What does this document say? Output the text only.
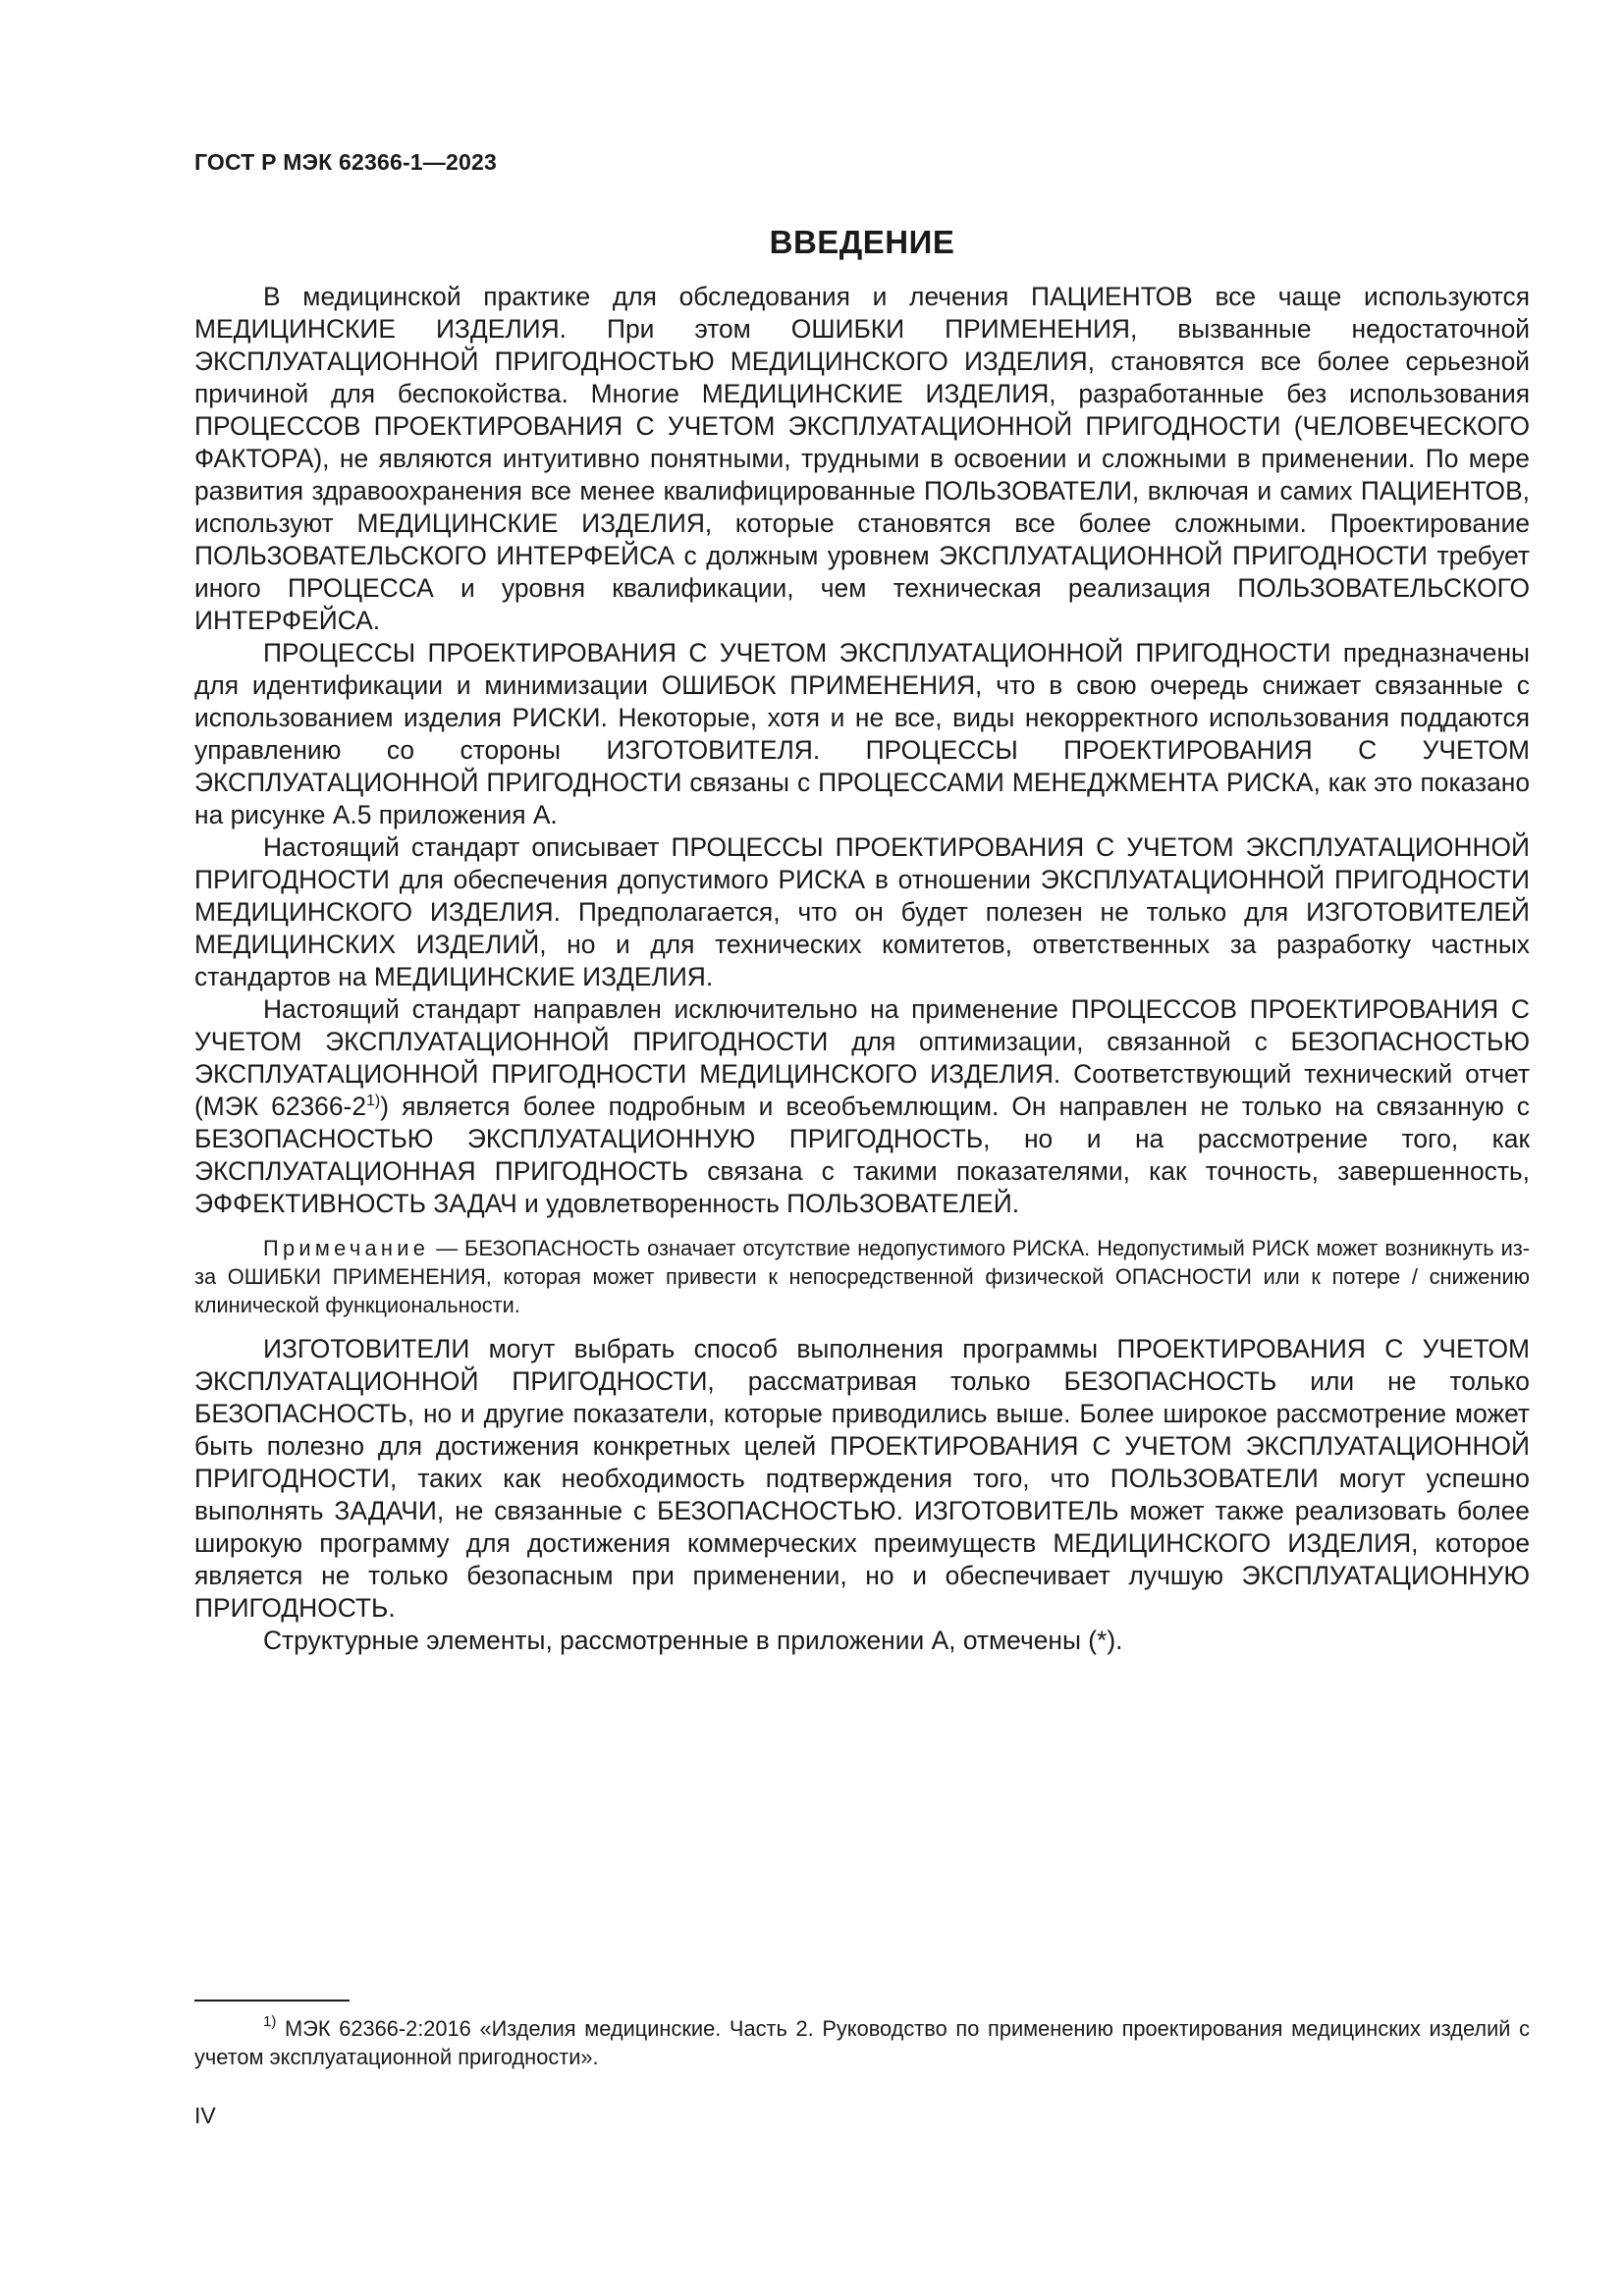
ГОСТ Р МЭК 62366-1—2023
ВВЕДЕНИЕ

В медицинской практике для обследования и лечения ПАЦИЕНТОВ все чаще используются МЕДИЦИНСКИЕ ИЗДЕЛИЯ. При этом ОШИБКИ ПРИМЕНЕНИЯ, вызванные недостаточной ЭКСПЛУАТАЦИОННОЙ ПРИГОДНОСТЬЮ МЕДИЦИНСКОГО ИЗДЕЛИЯ, становятся все более серьезной причиной для беспокойства. Многие МЕДИЦИНСКИЕ ИЗДЕЛИЯ, разработанные без использования ПРОЦЕССОВ ПРОЕКТИРОВАНИЯ С УЧЕТОМ ЭКСПЛУАТАЦИОННОЙ ПРИГОДНОСТИ (ЧЕЛОВЕЧЕСКОГО ФАКТОРА), не являются интуитивно понятными, трудными в освоении и сложными в применении. По мере развития здравоохранения все менее квалифицированные ПОЛЬЗОВАТЕЛИ, включая и самих ПАЦИЕНТОВ, используют МЕДИЦИНСКИЕ ИЗДЕЛИЯ, которые становятся все более сложными. Проектирование ПОЛЬЗОВАТЕЛЬСКОГО ИНТЕРФЕЙСА с должным уровнем ЭКСПЛУАТАЦИОННОЙ ПРИГОДНОСТИ требует иного ПРОЦЕССА и уровня квалификации, чем техническая реализация ПОЛЬЗОВАТЕЛЬСКОГО ИНТЕРФЕЙСА.

ПРОЦЕССЫ ПРОЕКТИРОВАНИЯ С УЧЕТОМ ЭКСПЛУАТАЦИОННОЙ ПРИГОДНОСТИ предназначены для идентификации и минимизации ОШИБОК ПРИМЕНЕНИЯ, что в свою очередь снижает связанные с использованием изделия РИСКИ. Некоторые, хотя и не все, виды некорректного использования поддаются управлению со стороны ИЗГОТОВИТЕЛЯ. ПРОЦЕССЫ ПРОЕКТИРОВАНИЯ С УЧЕТОМ ЭКСПЛУАТАЦИОННОЙ ПРИГОДНОСТИ связаны с ПРОЦЕССАМИ МЕНЕДЖМЕНТА РИСКА, как это показано на рисунке А.5 приложения А.

Настоящий стандарт описывает ПРОЦЕССЫ ПРОЕКТИРОВАНИЯ С УЧЕТОМ ЭКСПЛУАТАЦИОННОЙ ПРИГОДНОСТИ для обеспечения допустимого РИСКА в отношении ЭКСПЛУАТАЦИОННОЙ ПРИГОДНОСТИ МЕДИЦИНСКОГО ИЗДЕЛИЯ. Предполагается, что он будет полезен не только для ИЗГОТОВИТЕЛЕЙ МЕДИЦИНСКИХ ИЗДЕЛИЙ, но и для технических комитетов, ответственных за разработку частных стандартов на МЕДИЦИНСКИЕ ИЗДЕЛИЯ.

Настоящий стандарт направлен исключительно на применение ПРОЦЕССОВ ПРОЕКТИРОВАНИЯ С УЧЕТОМ ЭКСПЛУАТАЦИОННОЙ ПРИГОДНОСТИ для оптимизации, связанной с БЕЗОПАСНОСТЬЮ ЭКСПЛУАТАЦИОННОЙ ПРИГОДНОСТИ МЕДИЦИНСКОГО ИЗДЕЛИЯ. Соответствующий технический отчет (МЭК 62366-2$^{1)}$) является более подробным и всеобъемлющим. Он направлен не только на связанную с БЕЗОПАСНОСТЬЮ ЭКСПЛУАТАЦИОННУЮ ПРИГОДНОСТЬ, но и на рассмотрение того, как ЭКСПЛУАТАЦИОННАЯ ПРИГОДНОСТЬ связана с такими показателями, как точность, завершенность, ЭФФЕКТИВНОСТЬ ЗАДАЧ и удовлетворенность ПОЛЬЗОВАТЕЛЕЙ.

Примечание — БЕЗОПАСНОСТЬ означает отсутствие недопустимого РИСКА. Недопустимый РИСК может возникнуть из-за ОШИБКИ ПРИМЕНЕНИЯ, которая может привести к непосредственной физической ОПАСНОСТИ или к потере / снижению клинической функциональности.

ИЗГОТОВИТЕЛИ могут выбрать способ выполнения программы ПРОЕКТИРОВАНИЯ С УЧЕТОМ ЭКСПЛУАТАЦИОННОЙ ПРИГОДНОСТИ, рассматривая только БЕЗОПАСНОСТЬ или не только БЕЗОПАСНОСТЬ, но и другие показатели, которые приводились выше. Более широкое рассмотрение может быть полезно для достижения конкретных целей ПРОЕКТИРОВАНИЯ С УЧЕТОМ ЭКСПЛУАТАЦИОННОЙ ПРИГОДНОСТИ, таких как необходимость подтверждения того, что ПОЛЬЗОВАТЕЛИ могут успешно выполнять ЗАДАЧИ, не связанные с БЕЗОПАСНОСТЬЮ. ИЗГОТОВИТЕЛЬ может также реализовать более широкую программу для достижения коммерческих преимуществ МЕДИЦИНСКОГО ИЗДЕЛИЯ, которое является не только безопасным при применении, но и обеспечивает лучшую ЭКСПЛУАТАЦИОННУЮ ПРИГОДНОСТЬ.

Структурные элементы, рассмотренные в приложении А, отмечены (*).

$^{1)}$ МЭК 62366-2:2016 «Изделия медицинские. Часть 2. Руководство по применению проектирования медицинских изделий с учетом эксплуатационной пригодности».
IV
